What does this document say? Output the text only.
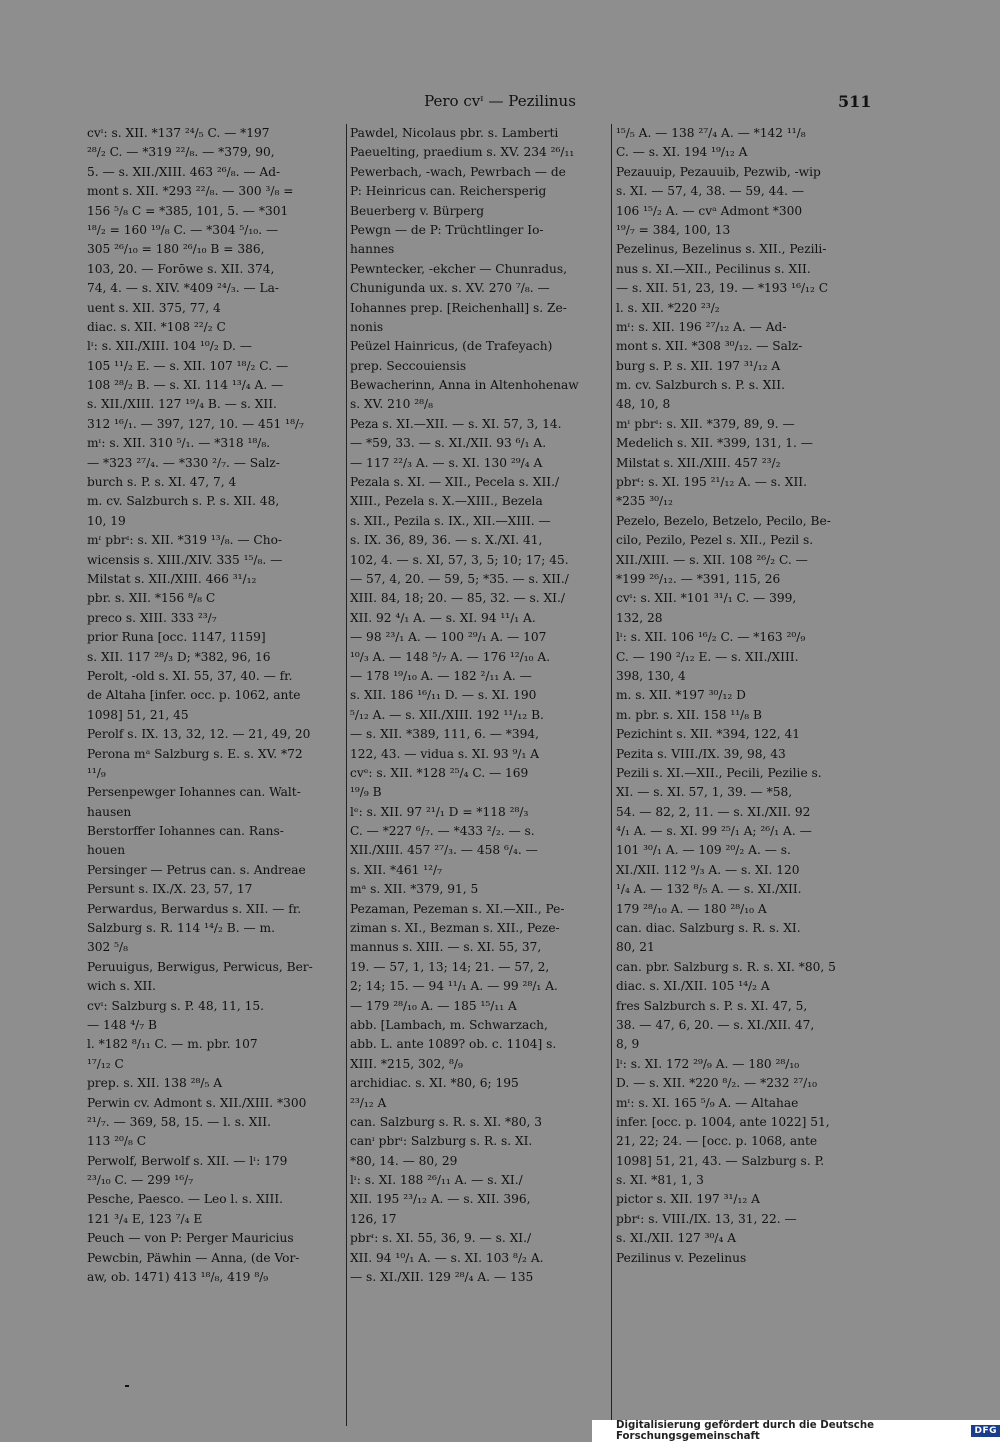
Pero cvᶦ — Pezilinus	511
cvᶦ: s. XII. *137 ²⁴/₅ C. — *197
²⁸/₂ C. — *319 ²²/₈. — *379, 90,
5. — s. XII./XIII. 463 ²⁶/₈. — Ad-
mont s. XII. *293 ²²/₈. — 300 ³/₈ =
156 ⁵/₈ C = *385, 101, 5. — *301
¹⁸/₂ = 160 ¹⁹/₈ C. — *304 ⁵/₁₀. —
305 ²⁶/₁₀ = 180 ²⁶/₁₀ B = 386,
103, 20. — Forōwe s. XII. 374,
74, 4. — s. XIV. *409 ²⁴/₃. — La-
uent s. XII. 375, 77, 4
diac. s. XII. *108 ²²/₂ C
lᶦ: s. XII./XIII. 104 ¹⁰/₂ D. —
105 ¹¹/₂ E. — s. XII. 107 ¹⁸/₂ C. —
108 ²⁸/₂ B. — s. XI. 114 ¹³/₄ A. —
s. XII./XIII. 127 ¹⁹/₄ B. — s. XII.
312 ¹⁶/₁. — 397, 127, 10. — 451 ¹⁸/₇
mᶦ: s. XII. 310 ⁵/₁. — *318 ¹⁸/₈.
— *323 ²⁷/₄. — *330 ²/₇. — Salz-
burch s. P. s. XI. 47, 7, 4
m. cv. Salzburch s. P. s. XII. 48,
10, 19
mᶦ pbrᶦ: s. XII. *319 ¹³/₈. — Cho-
wicensis s. XIII./XIV. 335 ¹⁵/₈. —
Milstat s. XII./XIII. 466 ³¹/₁₂
pbr. s. XII. *156 ⁸/₈ C
preco s. XIII. 333 ²³/₇
prior Runa [occ. 1147, 1159]
s. XII. 117 ²⁸/₃ D; *382, 96, 16
Perolt, -old s. XI. 55, 37, 40. — fr.
de Altaha [infer. occ. p. 1062, ante
1098] 51, 21, 45
Perolf s. IX. 13, 32, 12. — 21, 49, 20
Perona mᵃ Salzburg s. E. s. XV. *72
¹¹/₉
Persenpewger Iohannes can. Walt-
hausen
Berstorffer Iohannes can. Rans-
houen
Persinger — Petrus can. s. Andreae
Persunt s. IX./X. 23, 57, 17
Perwardus, Berwardus s. XII. — fr.
Salzburg s. R. 114 ¹⁴/₂ B. — m.
302 ⁵/₈
Peruuigus, Berwigus, Perwicus, Ber-
wich s. XII.
cvᶦ: Salzburg s. P. 48, 11, 15.
— 148 ⁴/₇ B
l. *182 ⁸/₁₁ C. — m. pbr. 107
¹⁷/₁₂ C
prep. s. XII. 138 ²⁸/₅ A
Perwin cv. Admont s. XII./XIII. *300
²¹/₇. — 369, 58, 15. — l. s. XII.
113 ²⁰/₈ C
Perwolf, Berwolf s. XII. — lᶦ: 179
²³/₁₀ C. — 299 ¹⁶/₇
Pesche, Paesco. — Leo l. s. XIII.
121 ³/₄ E, 123 ⁷/₄ E
Peuch — von P: Perger Mauricius
Pewcbin, Päwhin — Anna, (de Vor-
aw, ob. 1471) 413 ¹⁸/₈, 419 ⁸/₉
Pawdel, Nicolaus pbr. s. Lamberti
Paeuelting, praedium s. XV. 234 ²⁶/₁₁
Pewerbach, -wach, Pewrbach — de
P: Heinricus can. Reichersperig
Beuerberg v. Bürperg
Pewgn — de P: Trüchtlinger Io-
hannes
Pewntecker, -ekcher — Chunradus,
Chunigunda ux. s. XV. 270 ⁷/₈. —
Iohannes prep. [Reichenhall] s. Ze-
nonis
Peüzel Hainricus, (de Trafeyach)
prep. Seccouiensis
Bewacherinn, Anna in Altenhohenaw
s. XV. 210 ²⁸/₈
Peza s. XI.—XII. — s. XI. 57, 3, 14.
— *59, 33. — s. XI./XII. 93 ⁶/₁ A.
— 117 ²²/₃ A. — s. XI. 130 ²⁹/₄ A
Pezala s. XI. — XII., Pecela s. XII./
XIII., Pezela s. X.—XIII., Bezela
s. XII., Pezila s. IX., XII.—XIII. —
s. IX. 36, 89, 36. — s. X./XI. 41,
102, 4. — s. XI, 57, 3, 5; 10; 17; 45.
— 57, 4, 20. — 59, 5; *35. — s. XII./
XIII. 84, 18; 20. — 85, 32. — s. XI./
XII. 92 ⁴/₁ A. — s. XI. 94 ¹¹/₁ A.
— 98 ²³/₁ A. — 100 ²⁹/₁ A. — 107
¹⁰/₃ A. — 148 ⁵/₇ A. — 176 ¹²/₁₀ A.
— 178 ¹⁹/₁₀ A. — 182 ²/₁₁ A. —
s. XII. 186 ¹⁶/₁₁ D. — s. XI. 190
⁵/₁₂ A. — s. XII./XIII. 192 ¹¹/₁₂ B.
— s. XII. *389, 111, 6. — *394,
122, 43. — vidua s. XI. 93 ⁹/₁ A
cvᵉ: s. XII. *128 ²⁵/₄ C. — 169
¹⁹/₉ B
lᵉ: s. XII. 97 ²¹/₁ D = *118 ²⁸/₃
C. — *227 ⁶/₇. — *433 ²/₂. — s.
XII./XIII. 457 ²⁷/₃. — 458 ⁶/₄. —
s. XII. *461 ¹²/₇
mᵃ s. XII. *379, 91, 5
Pezaman, Pezeman s. XI.—XII., Pe-
ziman s. XI., Bezman s. XII., Peze-
mannus s. XIII. — s. XI. 55, 37,
19. — 57, 1, 13; 14; 21. — 57, 2,
2; 14; 15. — 94 ¹¹/₁ A. — 99 ²⁸/₁ A.
— 179 ²⁸/₁₀ A. — 185 ¹⁵/₁₁ A
abb. [Lambach, m. Schwarzach,
abb. L. ante 1089? ob. c. 1104] s.
XIII. *215, 302, ⁸/₉
archidiac. s. XI. *80, 6; 195
²³/₁₂ A
can. Salzburg s. R. s. XI. *80, 3
canᶦ pbrᶦ: Salzburg s. R. s. XI.
*80, 14. — 80, 29
lᶦ: s. XI. 188 ²⁶/₁₁ A. — s. XI./
XII. 195 ²³/₁₂ A. — s. XII. 396,
126, 17
pbrᶦ: s. XI. 55, 36, 9. — s. XI./
XII. 94 ¹⁰/₁ A. — s. XI. 103 ⁸/₂ A.
— s. XI./XII. 129 ²⁸/₄ A. — 135
¹⁵/₅ A. — 138 ²⁷/₄ A. — *142 ¹¹/₈
C. — s. XI. 194 ¹⁹/₁₂ A
Pezauuip, Pezauuib, Pezwib, -wip
s. XI. — 57, 4, 38. — 59, 44. —
106 ¹⁵/₂ A. — cvᵃ Admont *300
¹⁹/₇ = 384, 100, 13
Pezelinus, Bezelinus s. XII., Pezili-
nus s. XI.—XII., Pecilinus s. XII.
— s. XII. 51, 23, 19. — *193 ¹⁶/₁₂ C
l. s. XII. *220 ²³/₂
mᶦ: s. XII. 196 ²⁷/₁₂ A. — Ad-
mont s. XII. *308 ³⁰/₁₂. — Salz-
burg s. P. s. XII. 197 ³¹/₁₂ A
m. cv. Salzburch s. P. s. XII.
48, 10, 8
mᶦ pbrᶦ: s. XII. *379, 89, 9. —
Medelich s. XII. *399, 131, 1. —
Milstat s. XII./XIII. 457 ²³/₂
pbrᶦ: s. XI. 195 ²¹/₁₂ A. — s. XII.
*235 ³⁰/₁₂
Pezelo, Bezelo, Betzelo, Pecilo, Be-
cilo, Pezilo, Pezel s. XII., Pezil s.
XII./XIII. — s. XII. 108 ²⁶/₂ C. —
*199 ²⁶/₁₂. — *391, 115, 26
cvᶦ: s. XII. *101 ³¹/₁ C. — 399,
132, 28
lᶦ: s. XII. 106 ¹⁶/₂ C. — *163 ²⁰/₉
C. — 190 ²/₁₂ E. — s. XII./XIII.
398, 130, 4
m. s. XII. *197 ³⁰/₁₂ D
m. pbr. s. XII. 158 ¹¹/₈ B
Pezichint s. XII. *394, 122, 41
Pezita s. VIII./IX. 39, 98, 43
Pezili s. XI.—XII., Pecili, Pezilie s.
XI. — s. XI. 57, 1, 39. — *58,
54. — 82, 2, 11. — s. XI./XII. 92
⁴/₁ A. — s. XI. 99 ²⁵/₁ A; ²⁶/₁ A. —
101 ³⁰/₁ A. — 109 ²⁰/₂ A. — s.
XI./XII. 112 ⁹/₃ A. — s. XI. 120
¹/₄ A. — 132 ⁸/₅ A. — s. XI./XII.
179 ²⁸/₁₀ A. — 180 ²⁸/₁₀ A
can. diac. Salzburg s. R. s. XI.
80, 21
can. pbr. Salzburg s. R. s. XI. *80, 5
diac. s. XI./XII. 105 ¹⁴/₂ A
fres Salzburch s. P. s. XI. 47, 5,
38. — 47, 6, 20. — s. XI./XII. 47,
8, 9
lᶦ: s. XI. 172 ²⁹/₉ A. — 180 ²⁸/₁₀
D. — s. XII. *220 ⁸/₂. — *232 ²⁷/₁₀
mᶦ: s. XI. 165 ⁵/₉ A. — Altahae
infer. [occ. p. 1004, ante 1022] 51,
21, 22; 24. — [occ. p. 1068, ante
1098] 51, 21, 43. — Salzburg s. P.
s. XI. *81, 1, 3
pictor s. XII. 197 ³¹/₁₂ A
pbrᶦ: s. VIII./IX. 13, 31, 22. —
s. XI./XII. 127 ³⁰/₄ A
Pezilinus v. Pezelinus
Digitalisierung gefördert durch die Deutsche Forschungsgemeinschaft	DFG
